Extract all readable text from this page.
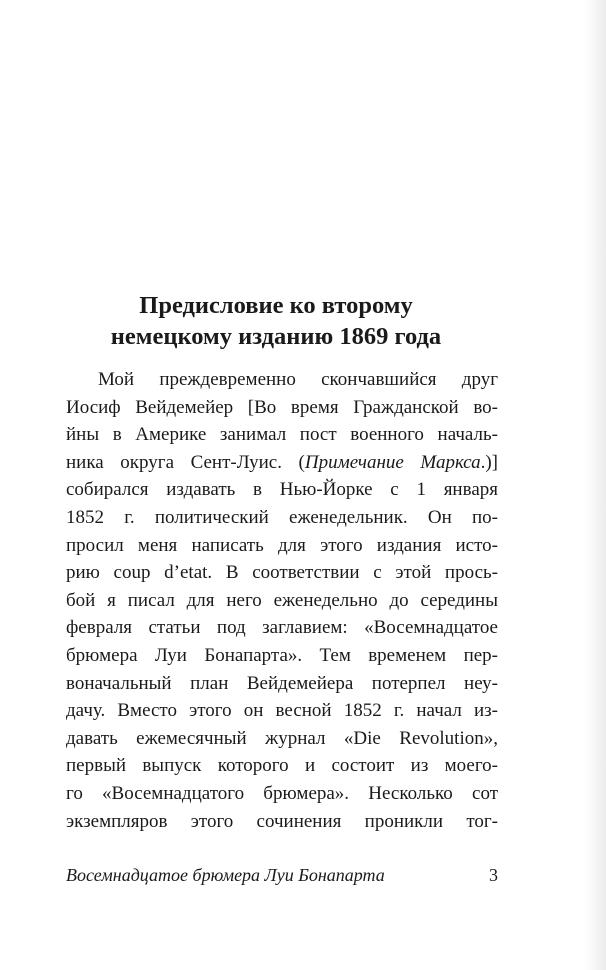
Предисловие ко второму
немецкому изданию 1869 года
Мой преждевременно скончавшийся друг
Иосиф Вейдемейер [Во время Гражданской во-
йны в Америке занимал пост военного началь-
ника округа Сент-Луис. (Примечание Маркса.)]
собирался издавать в Нью-Йорке с 1 января
1852 г. политический еженедельник. Он по-
просил меня написать для этого издания исто-
рию coup d’etat. В соответствии с этой прось-
бой я писал для него еженедельно до середины
февраля статьи под заглавием: «Восемнадцатое
брюмера Луи Бонапарта». Тем временем пер-
воначальный план Вейдемейера потерпел неу-
дачу. Вместо этого он весной 1852 г. начал из-
давать ежемесячный журнал «Die Revolution»,
первый выпуск которого и состоит из моего-
го «Восемнадцатого брюмера». Несколько сот
экземпляров этого сочинения проникли тог-
Восемнадцатое брюмера Луи Бонапарта	3
